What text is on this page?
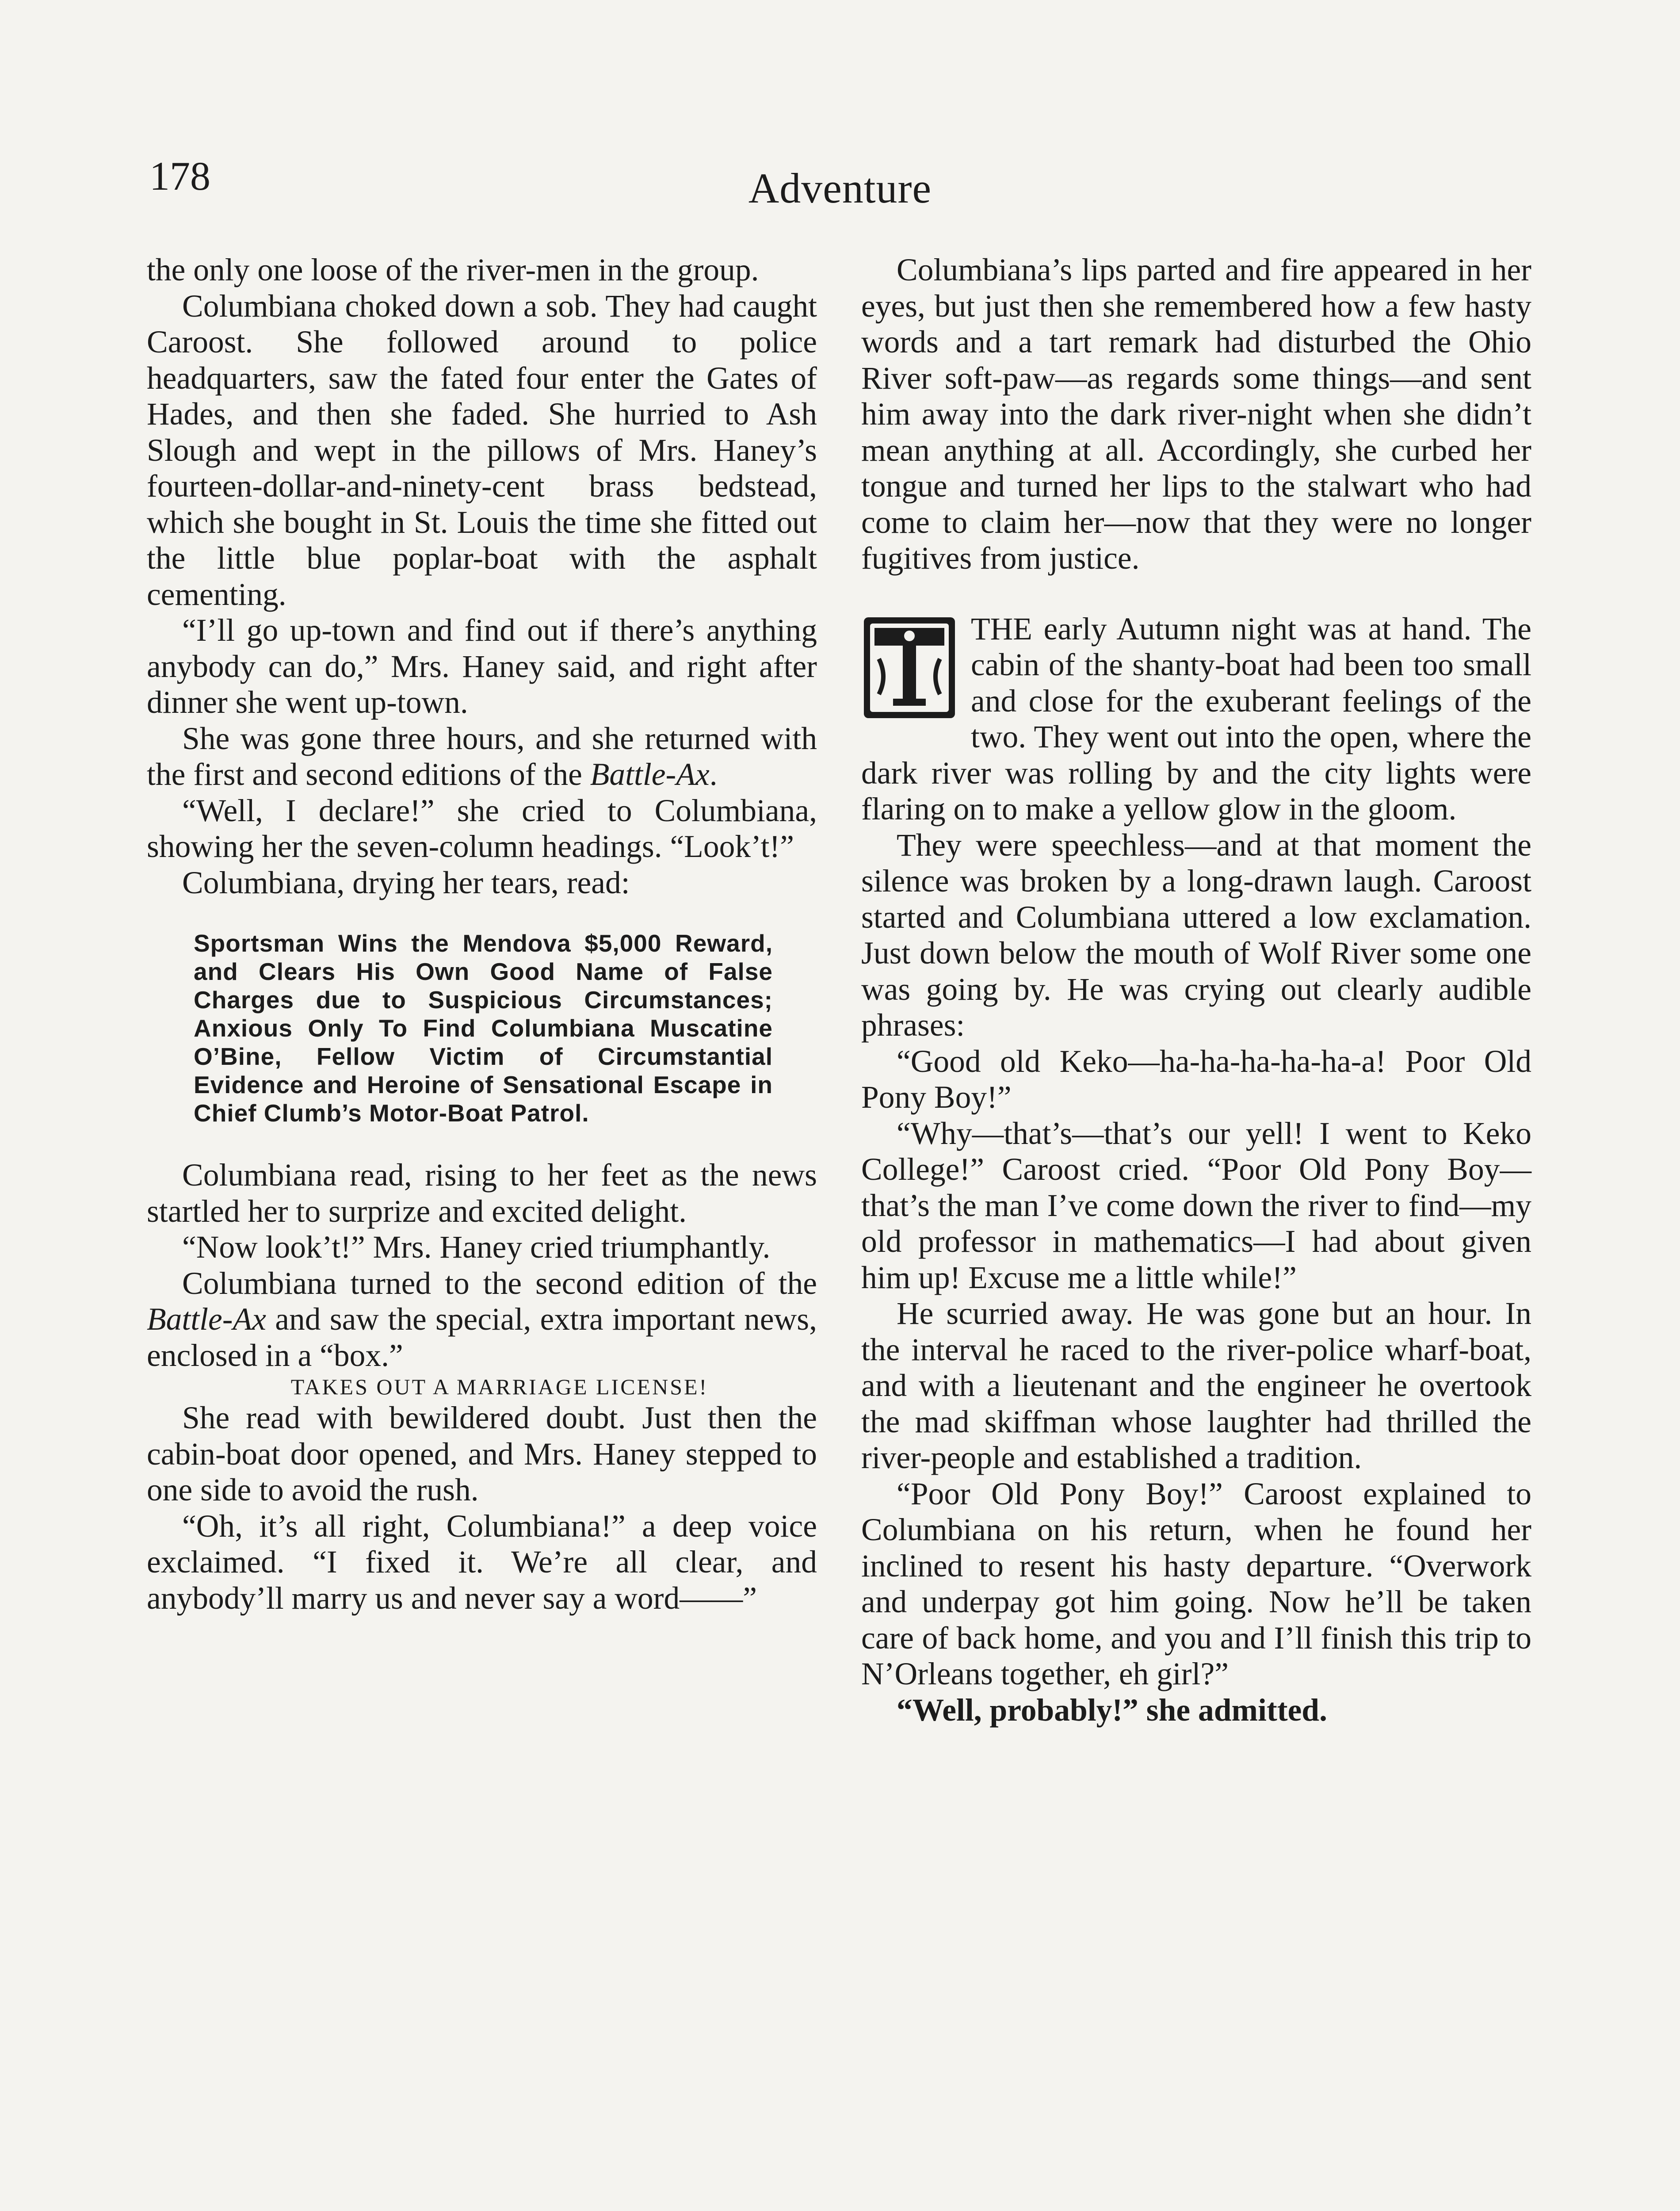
178	Adventure

the only one loose of the river-men in the group.

Columbiana choked down a sob. They had caught Caroost. She followed around to police headquarters, saw the fated four enter the Gates of Hades, and then she faded. She hurried to Ash Slough and wept in the pillows of Mrs. Haney’s fourteen-dollar-and-ninety-cent brass bedstead, which she bought in St. Louis the time she fitted out the little blue poplar-boat with the asphalt cementing.

“I’ll go up-town and find out if there’s anything anybody can do,” Mrs. Haney said, and right after dinner she went up-town.

She was gone three hours, and she returned with the first and second editions of the Battle-Ax.

“Well, I declare!” she cried to Columbiana, showing her the seven-column headings. “Look’t!”

Columbiana, drying her tears, read:

Sportsman Wins the Mendova $5,000 Reward, and Clears His Own Good Name of False Charges due to Suspicious Circumstances; Anxious Only To Find Columbiana Muscatine O’Bine, Fellow Victim of Circumstantial Evidence and Heroine of Sensational Escape in Chief Clumb’s Motor-Boat Patrol.

Columbiana read, rising to her feet as the news startled her to surprize and excited delight.

“Now look’t!” Mrs. Haney cried triumphantly.

Columbiana turned to the second edition of the Battle-Ax and saw the special, extra important news, enclosed in a “box.”

TAKES OUT A MARRIAGE LICENSE!

She read with bewildered doubt. Just then the cabin-boat door opened, and Mrs. Haney stepped to one side to avoid the rush.

“Oh, it’s all right, Columbiana!” a deep voice exclaimed. “I fixed it. We’re all clear, and anybody’ll marry us and never say a word——”

Columbiana’s lips parted and fire appeared in her eyes, but just then she remembered how a few hasty words and a tart remark had disturbed the Ohio River soft-paw—as regards some things—and sent him away into the dark river-night when she didn’t mean anything at all. Accordingly, she curbed her tongue and turned her lips to the stalwart who had come to claim her—now that they were no longer fugitives from justice.

THE early Autumn night was at hand. The cabin of the shanty-boat had been too small and close for the exuberant feelings of the two. They went out into the open, where the dark river was rolling by and the city lights were flaring on to make a yellow glow in the gloom.

They were speechless—and at that moment the silence was broken by a long-drawn laugh. Caroost started and Columbiana uttered a low exclamation. Just down below the mouth of Wolf River some one was going by. He was crying out clearly audible phrases:

“Good old Keko—ha-ha-ha-ha-ha-a! Poor Old Pony Boy!”

“Why—that’s—that’s our yell! I went to Keko College!” Caroost cried. “Poor Old Pony Boy—that’s the man I’ve come down the river to find—my old professor in mathematics—I had about given him up! Excuse me a little while!”

He scurried away. He was gone but an hour. In the interval he raced to the river-police wharf-boat, and with a lieutenant and the engineer he overtook the mad skiffman whose laughter had thrilled the river-people and established a tradition.

“Poor Old Pony Boy!” Caroost explained to Columbiana on his return, when he found her inclined to resent his hasty departure. “Overwork and underpay got him going. Now he’ll be taken care of back home, and you and I’ll finish this trip to N’Orleans together, eh girl?”

“Well, probably!” she admitted.
